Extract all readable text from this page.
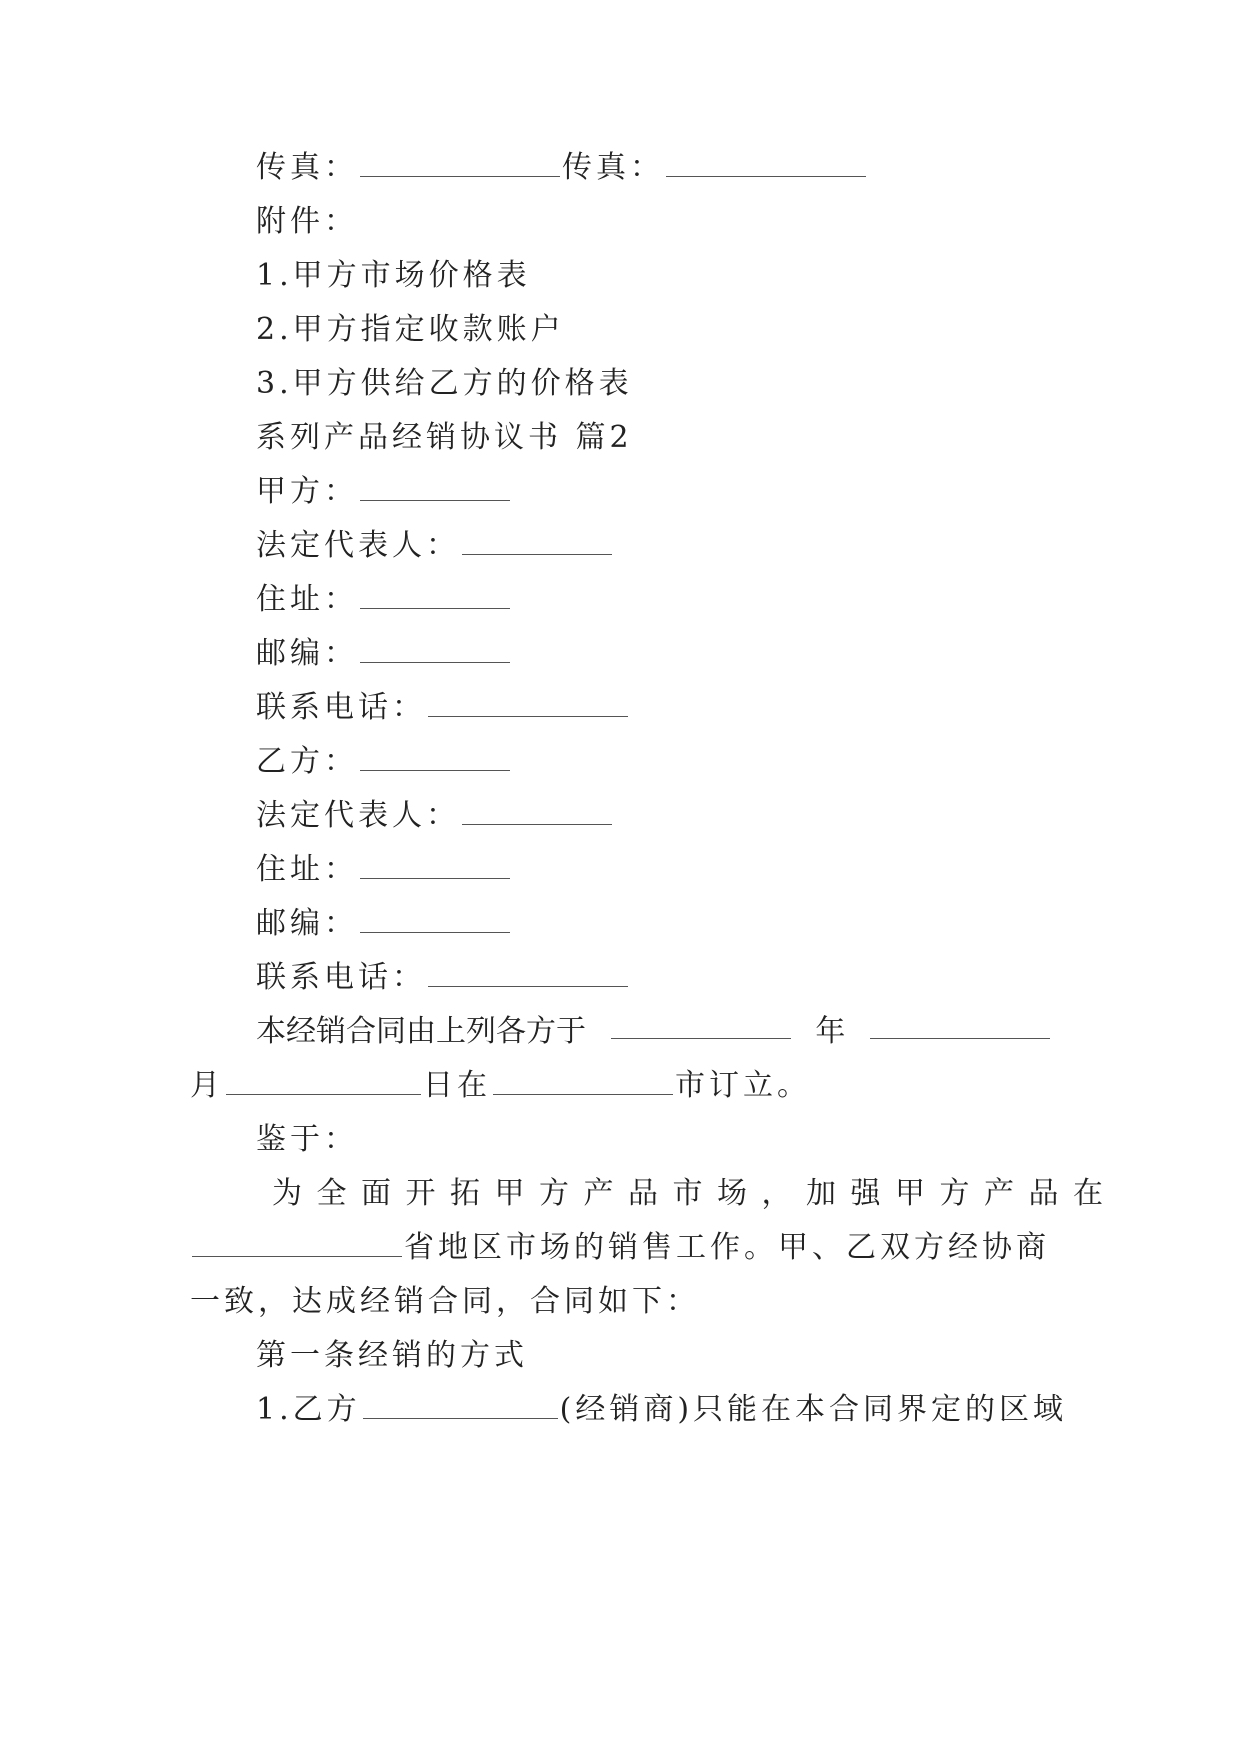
传真：	传真：
附件：
1.甲方市场价格表
2.甲方指定收款账户
3.甲方供给乙方的价格表
系列产品经销协议书 篇2
甲方：
法定代表人：
住址：
邮编：
联系电话：
乙方：
法定代表人：
住址：
邮编：
联系电话：
本经销合同由上列各方于	年
月	日在	市订立。
鉴于：
为全面开拓甲方产品市场，加强甲方产品在
省地区市场的销售工作。甲、乙双方经协商
一致，达成经销合同，合同如下：
第一条经销的方式
1.乙方	(经销商)只能在本合同界定的区域
